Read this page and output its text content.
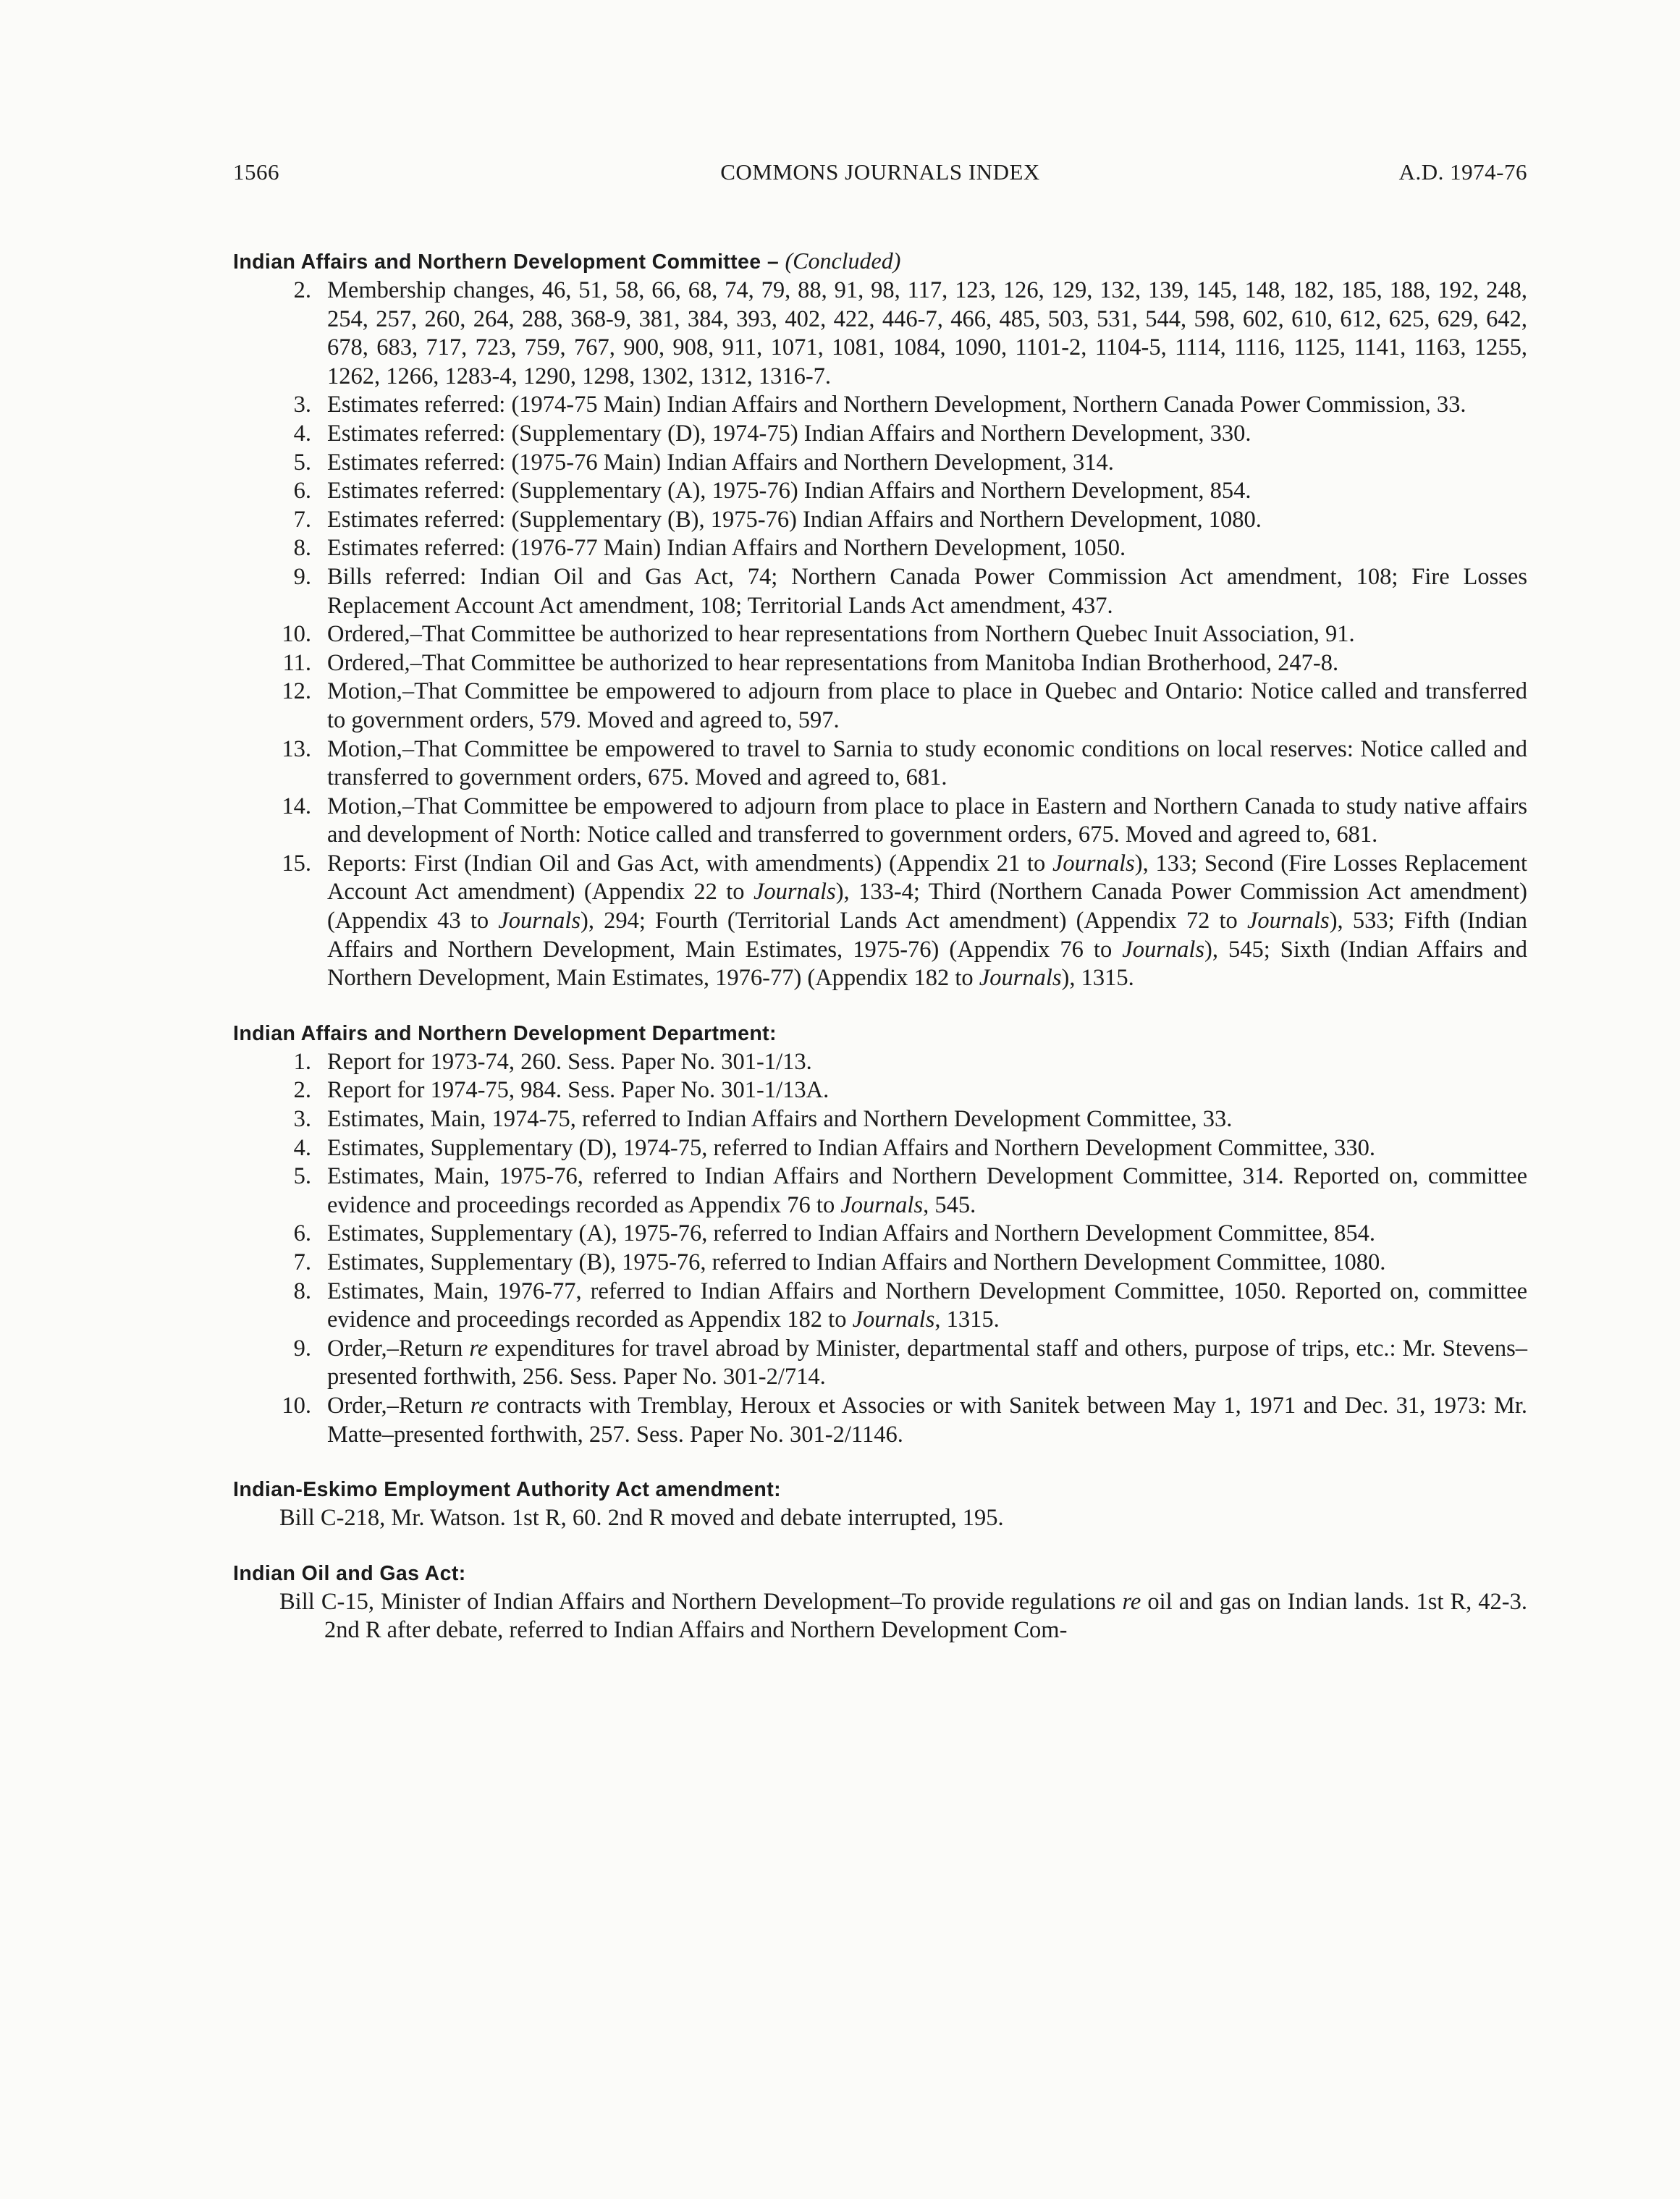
1566	COMMONS JOURNALS INDEX	A.D. 1974-76
Indian Affairs and Northern Development Committee – (Concluded)
2. Membership changes, 46, 51, 58, 66, 68, 74, 79, 88, 91, 98, 117, 123, 126, 129, 132, 139, 145, 148, 182, 185, 188, 192, 248, 254, 257, 260, 264, 288, 368-9, 381, 384, 393, 402, 422, 446-7, 466, 485, 503, 531, 544, 598, 602, 610, 612, 625, 629, 642, 678, 683, 717, 723, 759, 767, 900, 908, 911, 1071, 1081, 1084, 1090, 1101-2, 1104-5, 1114, 1116, 1125, 1141, 1163, 1255, 1262, 1266, 1283-4, 1290, 1298, 1302, 1312, 1316-7.
3. Estimates referred: (1974-75 Main) Indian Affairs and Northern Development, Northern Canada Power Commission, 33.
4. Estimates referred: (Supplementary (D), 1974-75) Indian Affairs and Northern Development, 330.
5. Estimates referred: (1975-76 Main) Indian Affairs and Northern Development, 314.
6. Estimates referred: (Supplementary (A), 1975-76) Indian Affairs and Northern Development, 854.
7. Estimates referred: (Supplementary (B), 1975-76) Indian Affairs and Northern Development, 1080.
8. Estimates referred: (1976-77 Main) Indian Affairs and Northern Development, 1050.
9. Bills referred: Indian Oil and Gas Act, 74; Northern Canada Power Commission Act amendment, 108; Fire Losses Replacement Account Act amendment, 108; Territorial Lands Act amendment, 437.
10. Ordered,–That Committee be authorized to hear representations from Northern Quebec Inuit Association, 91.
11. Ordered,–That Committee be authorized to hear representations from Manitoba Indian Brotherhood, 247-8.
12. Motion,–That Committee be empowered to adjourn from place to place in Quebec and Ontario: Notice called and transferred to government orders, 579. Moved and agreed to, 597.
13. Motion,–That Committee be empowered to travel to Sarnia to study economic conditions on local reserves: Notice called and transferred to government orders, 675. Moved and agreed to, 681.
14. Motion,–That Committee be empowered to adjourn from place to place in Eastern and Northern Canada to study native affairs and development of North: Notice called and transferred to government orders, 675. Moved and agreed to, 681.
15. Reports: First (Indian Oil and Gas Act, with amendments) (Appendix 21 to Journals), 133; Second (Fire Losses Replacement Account Act amendment) (Appendix 22 to Journals), 133-4; Third (Northern Canada Power Commission Act amendment) (Appendix 43 to Journals), 294; Fourth (Territorial Lands Act amendment) (Appendix 72 to Journals), 533; Fifth (Indian Affairs and Northern Development, Main Estimates, 1975-76) (Appendix 76 to Journals), 545; Sixth (Indian Affairs and Northern Development, Main Estimates, 1976-77) (Appendix 182 to Journals), 1315.
Indian Affairs and Northern Development Department:
1. Report for 1973-74, 260. Sess. Paper No. 301-1/13.
2. Report for 1974-75, 984. Sess. Paper No. 301-1/13A.
3. Estimates, Main, 1974-75, referred to Indian Affairs and Northern Development Committee, 33.
4. Estimates, Supplementary (D), 1974-75, referred to Indian Affairs and Northern Development Committee, 330.
5. Estimates, Main, 1975-76, referred to Indian Affairs and Northern Development Committee, 314. Reported on, committee evidence and proceedings recorded as Appendix 76 to Journals, 545.
6. Estimates, Supplementary (A), 1975-76, referred to Indian Affairs and Northern Development Committee, 854.
7. Estimates, Supplementary (B), 1975-76, referred to Indian Affairs and Northern Development Committee, 1080.
8. Estimates, Main, 1976-77, referred to Indian Affairs and Northern Development Committee, 1050. Reported on, committee evidence and proceedings recorded as Appendix 182 to Journals, 1315.
9. Order,–Return re expenditures for travel abroad by Minister, departmental staff and others, purpose of trips, etc.: Mr. Stevens–presented forthwith, 256. Sess. Paper No. 301-2/714.
10. Order,–Return re contracts with Tremblay, Heroux et Associes or with Sanitek between May 1, 1971 and Dec. 31, 1973: Mr. Matte–presented forthwith, 257. Sess. Paper No. 301-2/1146.
Indian-Eskimo Employment Authority Act amendment:
Bill C-218, Mr. Watson. 1st R, 60. 2nd R moved and debate interrupted, 195.
Indian Oil and Gas Act:
Bill C-15, Minister of Indian Affairs and Northern Development–To provide regulations re oil and gas on Indian lands. 1st R, 42-3. 2nd R after debate, referred to Indian Affairs and Northern Development Com-
